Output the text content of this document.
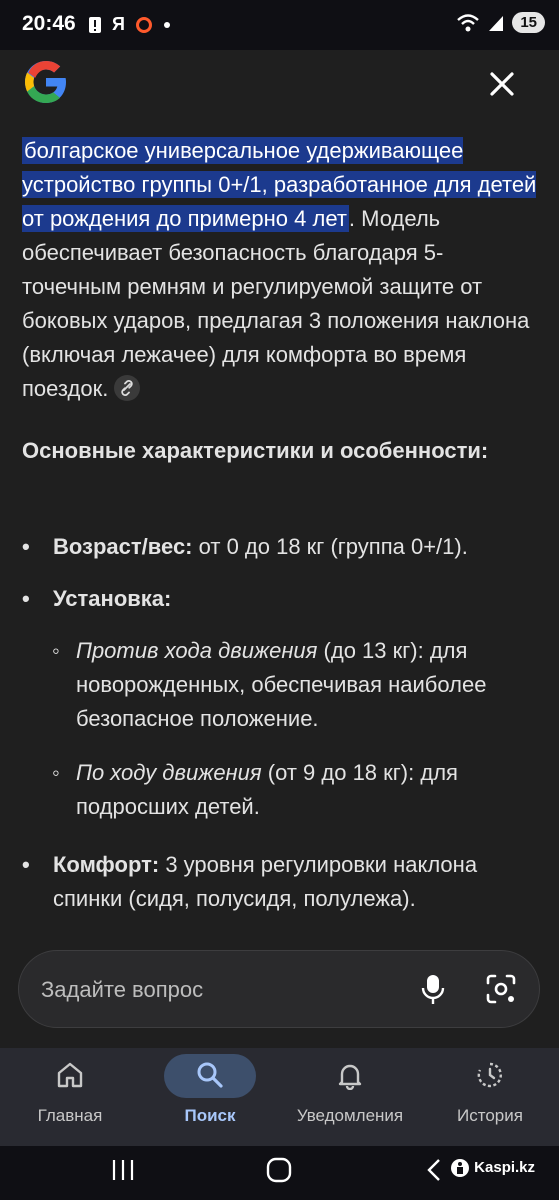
20:46 Я	15
болгарское универсальное удерживающее устройство группы 0+/1, разработанное для детей от рождения до примерно 4 лет. Модель обеспечивает безопасность благодаря 5-точечным ремням и регулируемой защите от боковых ударов, предлагая 3 положения наклона (включая лежачее) для комфорта во время поездок.
Основные характеристики и особенности:
• Возраст/вес: от 0 до 18 кг (группа 0+/1).
• Установка:
◦ Против хода движения (до 13 кг): для новорожденных, обеспечивая наиболее безопасное положение.
◦ По ходу движения (от 9 до 18 кг): для подросших детей.
• Комфорт: 3 уровня регулировки наклона спинки (сидя, полусидя, полулежа).
Задайте вопрос
Главная	Поиск	Уведомления	История
Kaspi.kz
